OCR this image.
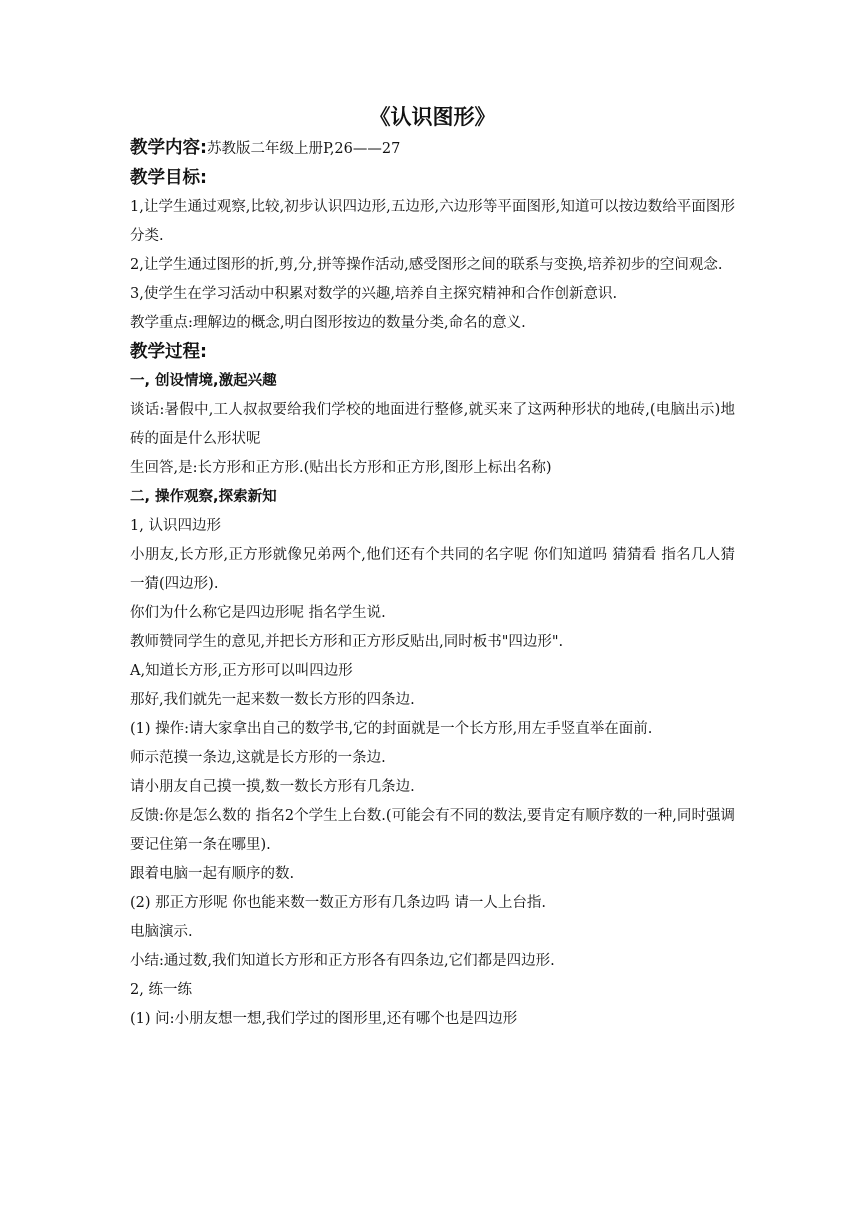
《认识图形》
教学内容:苏教版二年级上册P,26——27
教学目标:
1,让学生通过观察,比较,初步认识四边形,五边形,六边形等平面图形,知道可以按边数给平面图形分类.
2,让学生通过图形的折,剪,分,拼等操作活动,感受图形之间的联系与变换,培养初步的空间观念.
3,使学生在学习活动中积累对数学的兴趣,培养自主探究精神和合作创新意识.
教学重点:理解边的概念,明白图形按边的数量分类,命名的意义.
教学过程:
一, 创设情境,激起兴趣
谈话:暑假中,工人叔叔要给我们学校的地面进行整修,就买来了这两种形状的地砖,(电脑出示)地砖的面是什么形状呢
生回答,是:长方形和正方形.(贴出长方形和正方形,图形上标出名称)
二, 操作观察,探索新知
1, 认识四边形
小朋友,长方形,正方形就像兄弟两个,他们还有个共同的名字呢 你们知道吗 猜猜看 指名几人猜一猜(四边形).
你们为什么称它是四边形呢 指名学生说.
教师赞同学生的意见,并把长方形和正方形反贴出,同时板书"四边形".
A,知道长方形,正方形可以叫四边形
那好,我们就先一起来数一数长方形的四条边.
(1) 操作:请大家拿出自己的数学书,它的封面就是一个长方形,用左手竖直举在面前.
师示范摸一条边,这就是长方形的一条边.
请小朋友自己摸一摸,数一数长方形有几条边.
反馈:你是怎么数的 指名2个学生上台数.(可能会有不同的数法,要肯定有顺序数的一种,同时强调要记住第一条在哪里).
跟着电脑一起有顺序的数.
(2) 那正方形呢 你也能来数一数正方形有几条边吗 请一人上台指.
电脑演示.
小结:通过数,我们知道长方形和正方形各有四条边,它们都是四边形.
2, 练一练
(1) 问:小朋友想一想,我们学过的图形里,还有哪个也是四边形
